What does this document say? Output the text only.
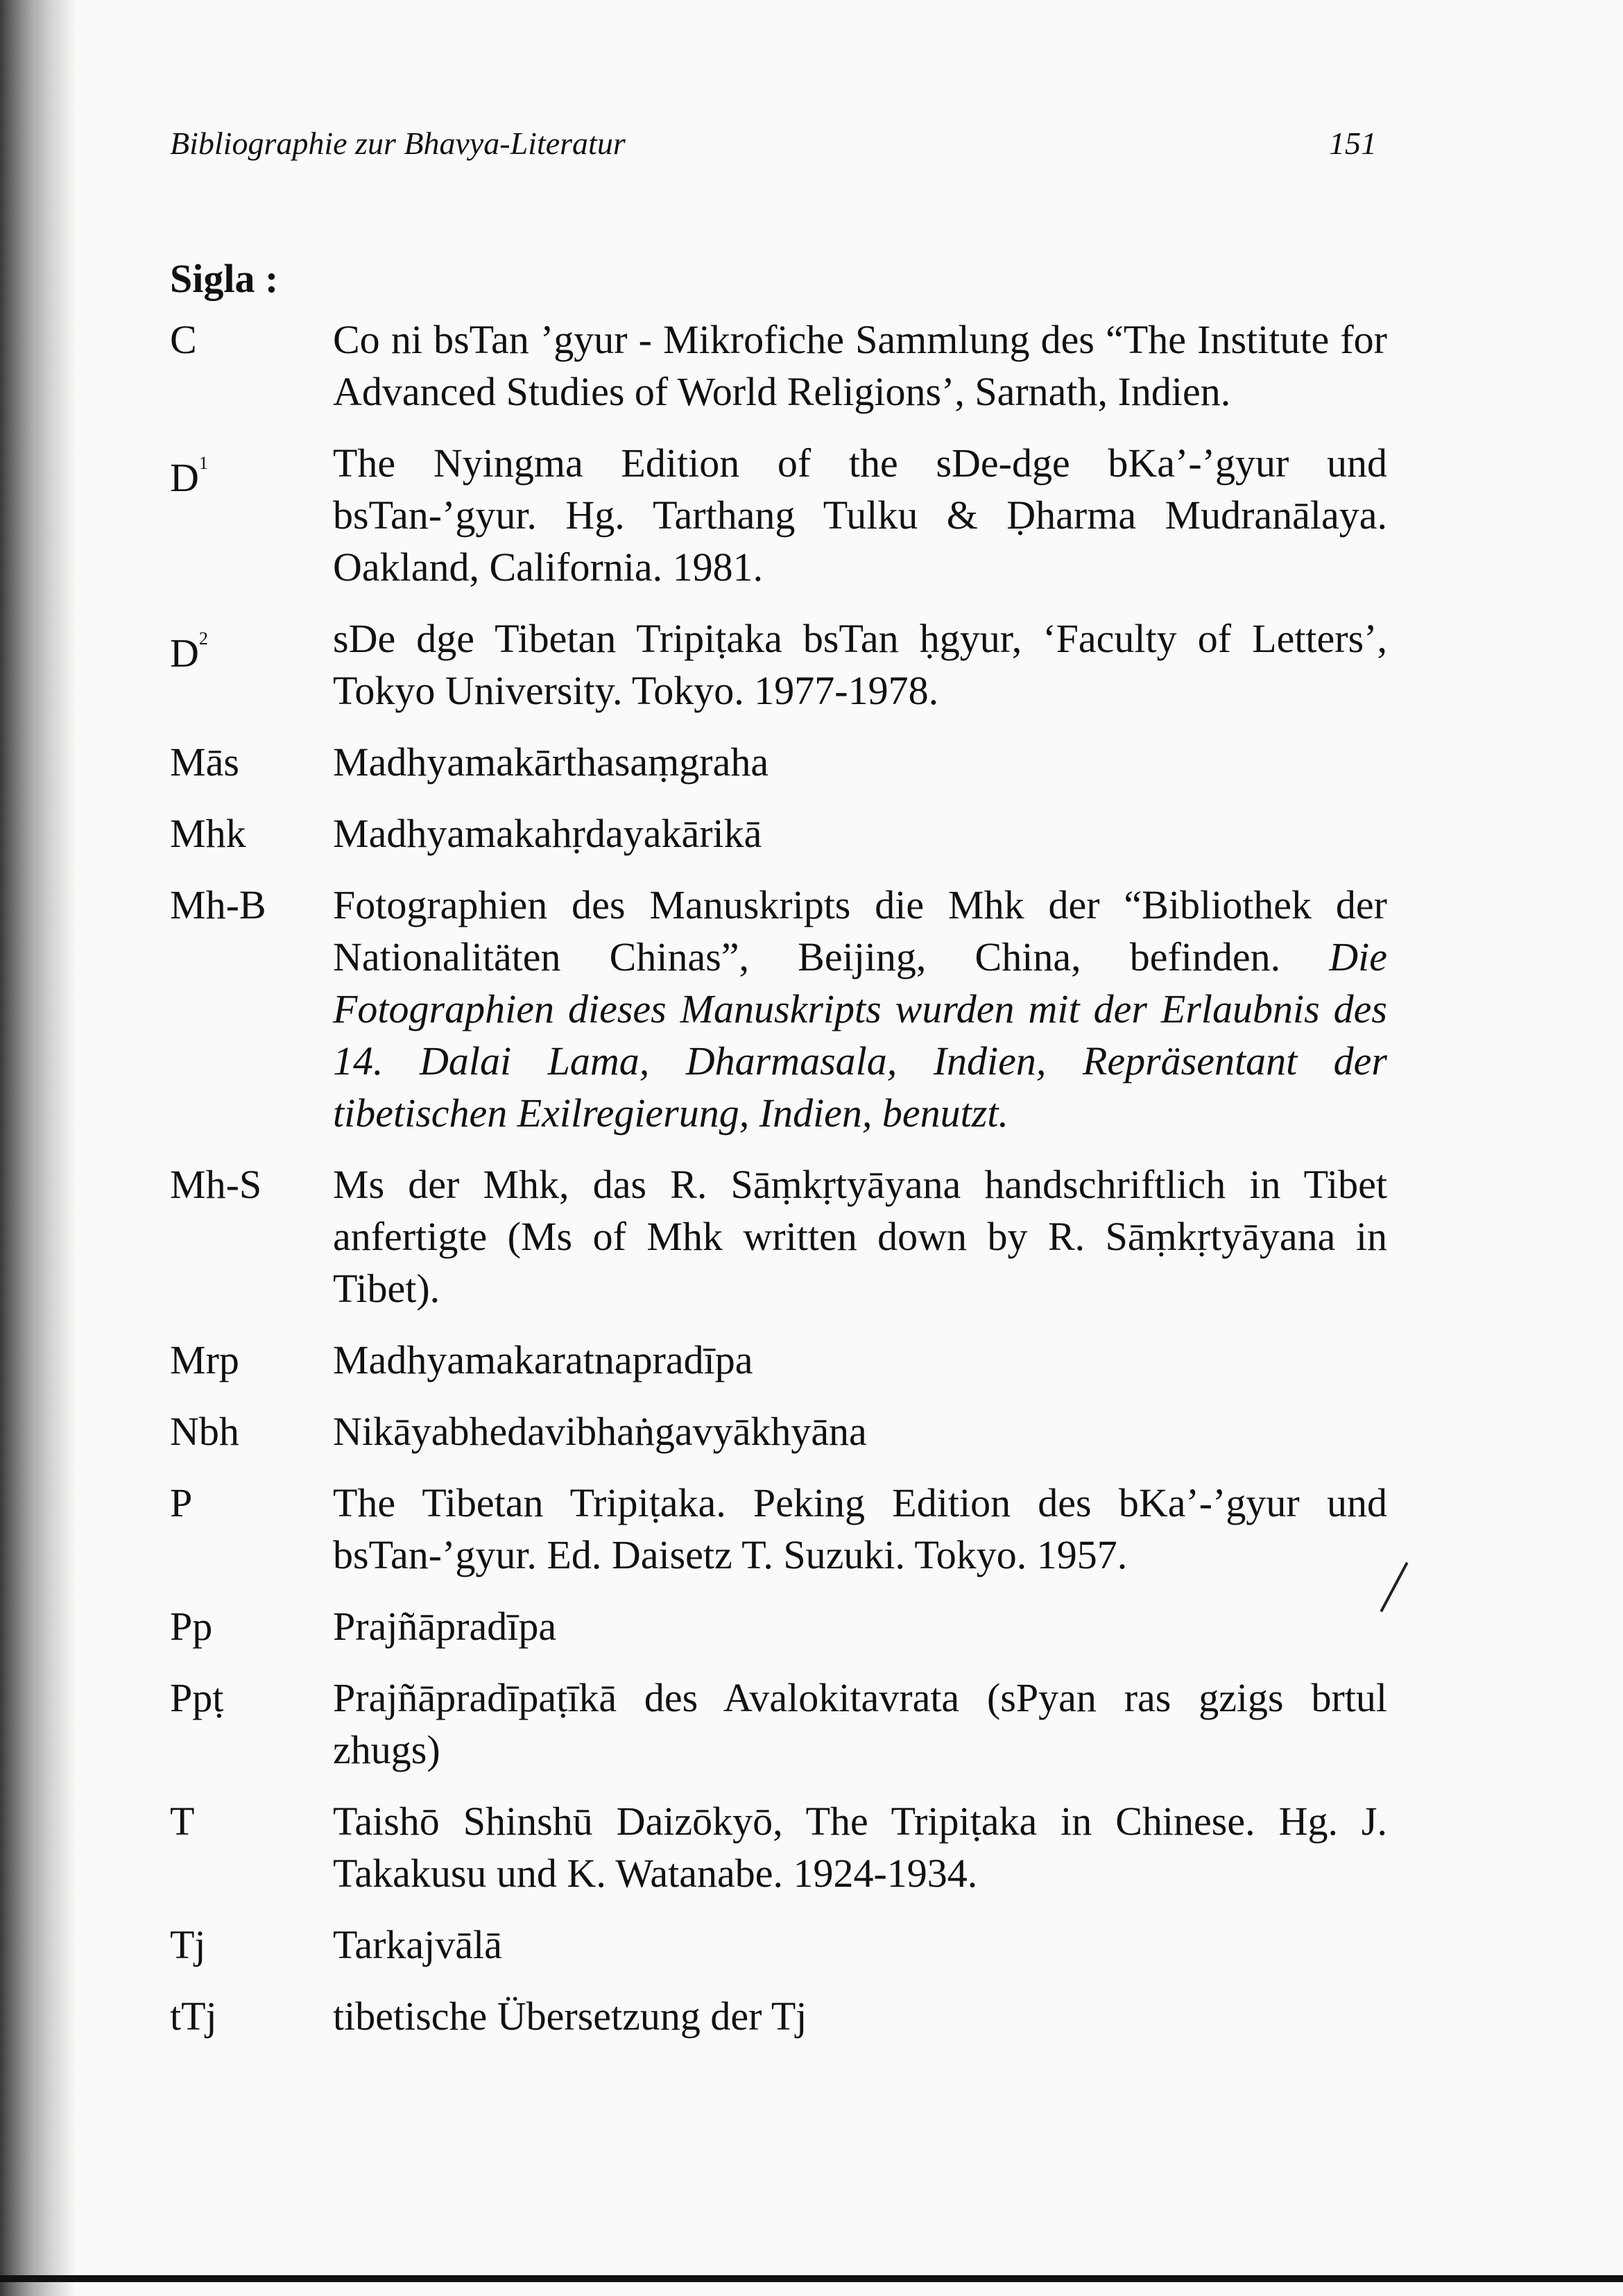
Bibliographie zur Bhavya-Literatur	151
Sigla :
C	Co ni bsTan ’gyur - Mikrofiche Sammlung des “The Institute for Advanced Studies of World Religions’, Sarnath, Indien.
$D^1$	The Nyingma Edition of the sDe-dge bKa’-’gyur und bsTan-’gyur. Hg. Tarthang Tulku & Ḍharma Mudranālaya. Oakland, California. 1981.
$D^2$	sDe dge Tibetan Tripiṭaka bsTan ḥgyur, ‘Faculty of Letters’, Tokyo University. Tokyo. 1977-1978.
Mās	Madhyamakārthasaṃgraha
Mhk	Madhyamakahṛdayakārikā
Mh-B	Fotographien des Manuskripts die Mhk der “Bibliothek der Nationalitäten Chinas”, Beijing, China, befinden. Die Fotographien dieses Manuskripts wurden mit der Erlaubnis des 14. Dalai Lama, Dharmasala, Indien, Repräsentant der tibetischen Exilregierung, Indien, benutzt.
Mh-S	Ms der Mhk, das R. Sāṃkṛtyāyana handschriftlich in Tibet anfertigte (Ms of Mhk written down by R. Sāṃkṛtyāyana in Tibet).
Mrp	Madhyamakaratnapradīpa
Nbh	Nikāyabhedavibhaṅgavyākhyāna
P	The Tibetan Tripiṭaka. Peking Edition des bKa’-’gyur und bsTan-’gyur. Ed. Daisetz T. Suzuki. Tokyo. 1957.
Pp	Prajñāpradīpa
Ppṭ	Prajñāpradīpaṭīkā des Avalokitavrata (sPyan ras gzigs brtul zhugs)
T	Taishō Shinshū Daizōkyō, The Tripiṭaka in Chinese. Hg. J. Takakusu und K. Watanabe. 1924-1934.
Tj	Tarkajvālā
tTj	tibetische Übersetzung der Tj
